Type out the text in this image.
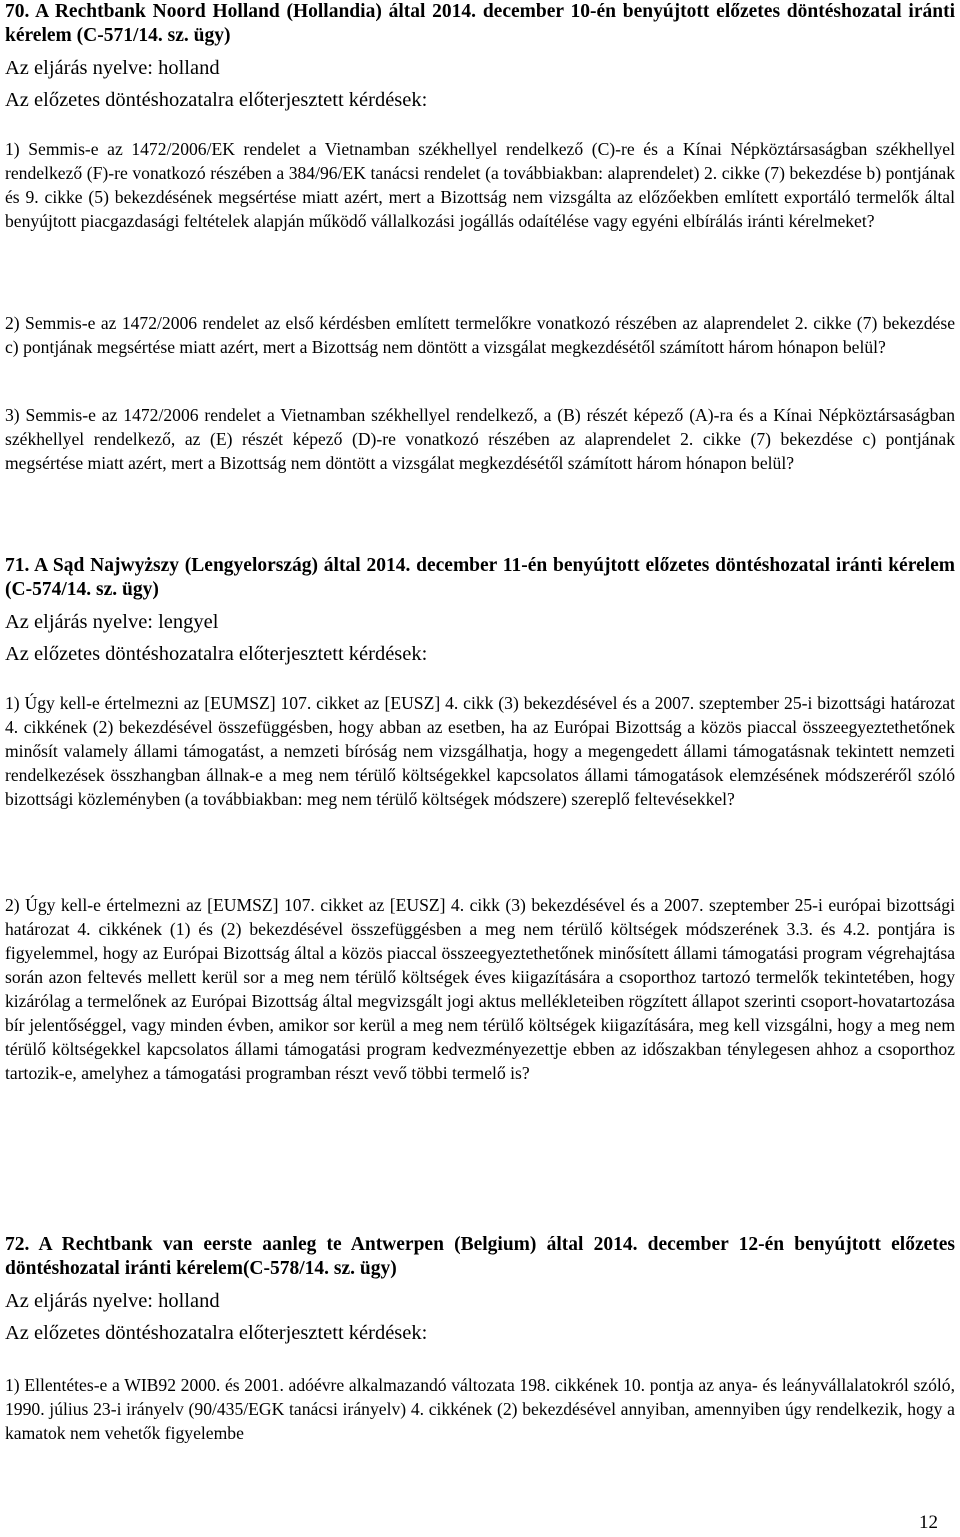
70. A Rechtbank Noord Holland (Hollandia) által 2014. december 10-én benyújtott előzetes döntéshozatal iránti kérelem (C-571/14. sz. ügy)

Az eljárás nyelve: holland

Az előzetes döntéshozatalra előterjesztett kérdések:

1) Semmis-e az 1472/2006/EK rendelet a Vietnamban székhellyel rendelkező (C)-re és a Kínai Népköztársaságban székhellyel rendelkező (F)-re vonatkozó részében a 384/96/EK tanácsi rendelet (a továbbiakban: alaprendelet) 2. cikke (7) bekezdése b) pontjának és 9. cikke (5) bekezdésének megsértése miatt azért, mert a Bizottság nem vizsgálta az előzőekben említett exportáló termelők által benyújtott piacgazdasági feltételek alapján működő vállalkozási jogállás odaítélése vagy egyéni elbírálás iránti kérelmeket?

2) Semmis-e az 1472/2006 rendelet az első kérdésben említett termelőkre vonatkozó részében az alaprendelet 2. cikke (7) bekezdése c) pontjának megsértése miatt azért, mert a Bizottság nem döntött a vizsgálat megkezdésétől számított három hónapon belül?

3) Semmis-e az 1472/2006 rendelet a Vietnamban székhellyel rendelkező, a (B) részét képező (A)-ra és a Kínai Népköztársaságban székhellyel rendelkező, az (E) részét képező (D)-re vonatkozó részében az alaprendelet 2. cikke (7) bekezdése c) pontjának megsértése miatt azért, mert a Bizottság nem döntött a vizsgálat megkezdésétől számított három hónapon belül?

71. A Sąd Najwyższy (Lengyelország) által 2014. december 11-én benyújtott előzetes döntéshozatal iránti kérelem (C-574/14. sz. ügy)

Az eljárás nyelve: lengyel

Az előzetes döntéshozatalra előterjesztett kérdések:

1) Úgy kell-e értelmezni az [EUMSZ] 107. cikket az [EUSZ] 4. cikk (3) bekezdésével és a 2007. szeptember 25-i bizottsági határozat 4. cikkének (2) bekezdésével összefüggésben, hogy abban az esetben, ha az Európai Bizottság a közös piaccal összeegyeztethetőnek minősít valamely állami támogatást, a nemzeti bíróság nem vizsgálhatja, hogy a megengedett állami támogatásnak tekintett nemzeti rendelkezések összhangban állnak-e a meg nem térülő költségekkel kapcsolatos állami támogatások elemzésének módszeréről szóló bizottsági közleményben (a továbbiakban: meg nem térülő költségek módszere) szereplő feltevésekkel?

2) Úgy kell-e értelmezni az [EUMSZ] 107. cikket az [EUSZ] 4. cikk (3) bekezdésével és a 2007. szeptember 25-i európai bizottsági határozat 4. cikkének (1) és (2) bekezdésével összefüggésben a meg nem térülő költségek módszerének 3.3. és 4.2. pontjára is figyelemmel, hogy az Európai Bizottság által a közös piaccal összeegyeztethetőnek minősített állami támogatási program végrehajtása során azon feltevés mellett kerül sor a meg nem térülő költségek éves kiigazítására a csoporthoz tartozó termelők tekintetében, hogy kizárólag a termelőnek az Európai Bizottság által megvizsgált jogi aktus mellékleteiben rögzített állapot szerinti csoport-hovatartozása bír jelentőséggel, vagy minden évben, amikor sor kerül a meg nem térülő költségek kiigazítására, meg kell vizsgálni, hogy a meg nem térülő költségekkel kapcsolatos állami támogatási program kedvezményezettje ebben az időszakban ténylegesen ahhoz a csoporthoz tartozik-e, amelyhez a támogatási programban részt vevő többi termelő is?

72. A Rechtbank van eerste aanleg te Antwerpen (Belgium) által 2014. december 12-én benyújtott előzetes döntéshozatal iránti kérelem(C-578/14. sz. ügy)

Az eljárás nyelve: holland

Az előzetes döntéshozatalra előterjesztett kérdések:

1) Ellentétes-e a WIB92 2000. és 2001. adóévre alkalmazandó változata 198. cikkének 10. pontja az anya- és leányvállalatokról szóló, 1990. július 23-i irányelv (90/435/EGK tanácsi irányelv) 4. cikkének (2) bekezdésével annyiban, amennyiben úgy rendelkezik, hogy a kamatok nem vehetők figyelembe

12
